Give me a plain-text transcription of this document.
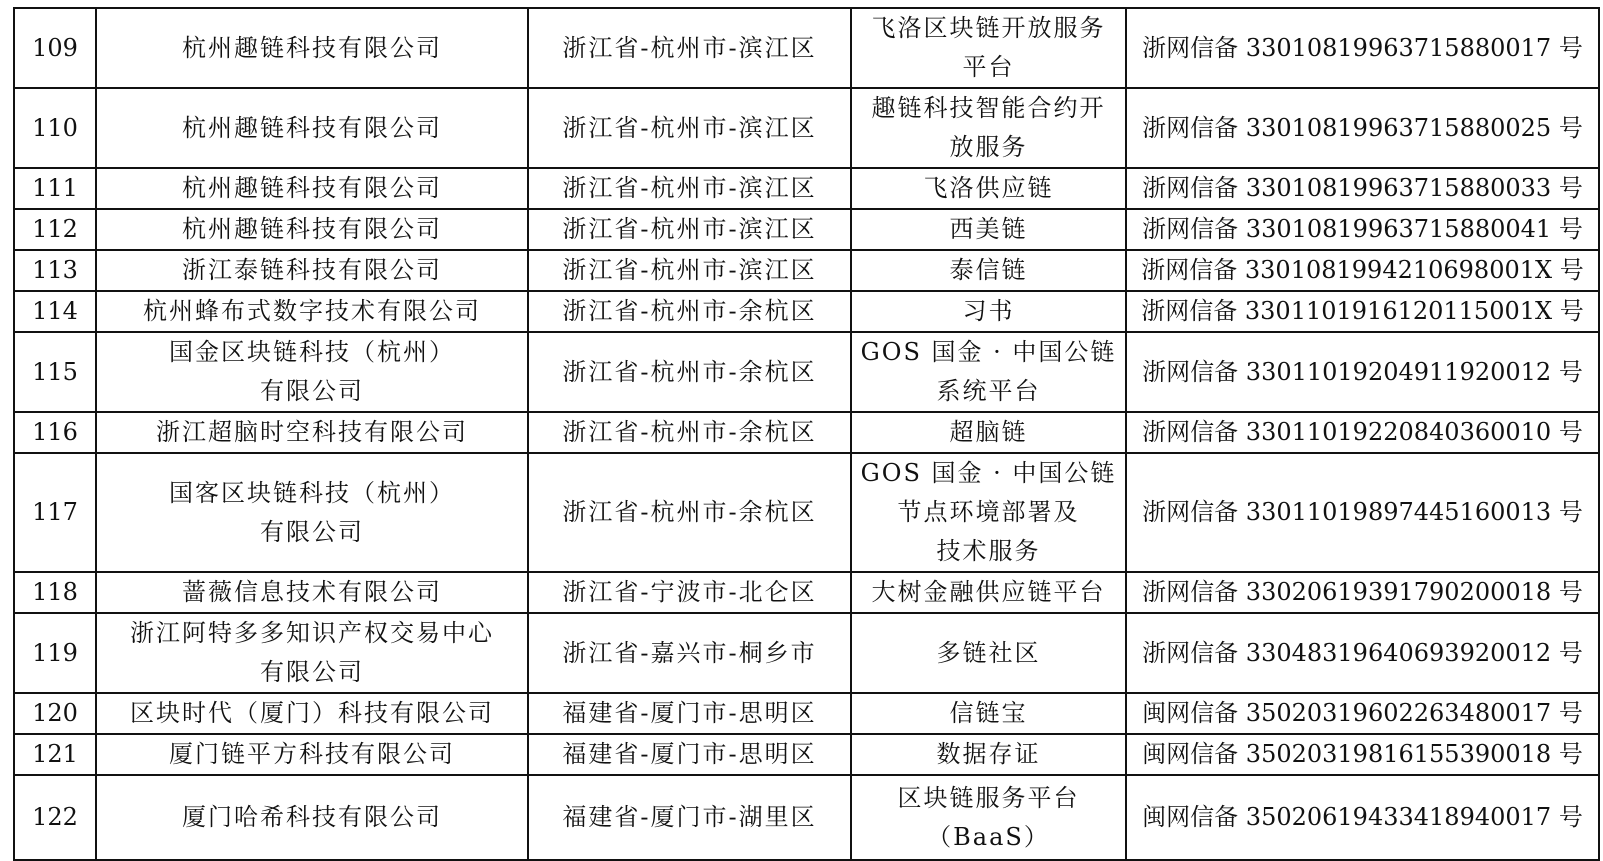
109	杭州趣链科技有限公司	浙江省-杭州市-滨江区	飞洛区块链开放服务
平台	浙网信备 33010819963715880017 号
110	杭州趣链科技有限公司	浙江省-杭州市-滨江区	趣链科技智能合约开
放服务	浙网信备 33010819963715880025 号
111	杭州趣链科技有限公司	浙江省-杭州市-滨江区	飞洛供应链	浙网信备 33010819963715880033 号
112	杭州趣链科技有限公司	浙江省-杭州市-滨江区	西美链	浙网信备 33010819963715880041 号
113	浙江泰链科技有限公司	浙江省-杭州市-滨江区	泰信链	浙网信备 3301081994210698001X 号
114	杭州蜂布式数字技术有限公司	浙江省-杭州市-余杭区	习书	浙网信备 3301101916120115001X 号
115	国金区块链科技（杭州）
有限公司	浙江省-杭州市-余杭区	GOS 国金 · 中国公链
系统平台	浙网信备 33011019204911920012 号
116	浙江超脑时空科技有限公司	浙江省-杭州市-余杭区	超脑链	浙网信备 33011019220840360010 号
117	国客区块链科技（杭州）
有限公司	浙江省-杭州市-余杭区	GOS 国金 · 中国公链
节点环境部署及
技术服务	浙网信备 33011019897445160013 号
118	蔷薇信息技术有限公司	浙江省-宁波市-北仑区	大树金融供应链平台	浙网信备 33020619391790200018 号
119	浙江阿特多多知识产权交易中心
有限公司	浙江省-嘉兴市-桐乡市	多链社区	浙网信备 33048319640693920012 号
120	区块时代（厦门）科技有限公司	福建省-厦门市-思明区	信链宝	闽网信备 35020319602263480017 号
121	厦门链平方科技有限公司	福建省-厦门市-思明区	数据存证	闽网信备 35020319816155390018 号
122	厦门哈希科技有限公司	福建省-厦门市-湖里区	区块链服务平台
（BaaS）	闽网信备 35020619433418940017 号
